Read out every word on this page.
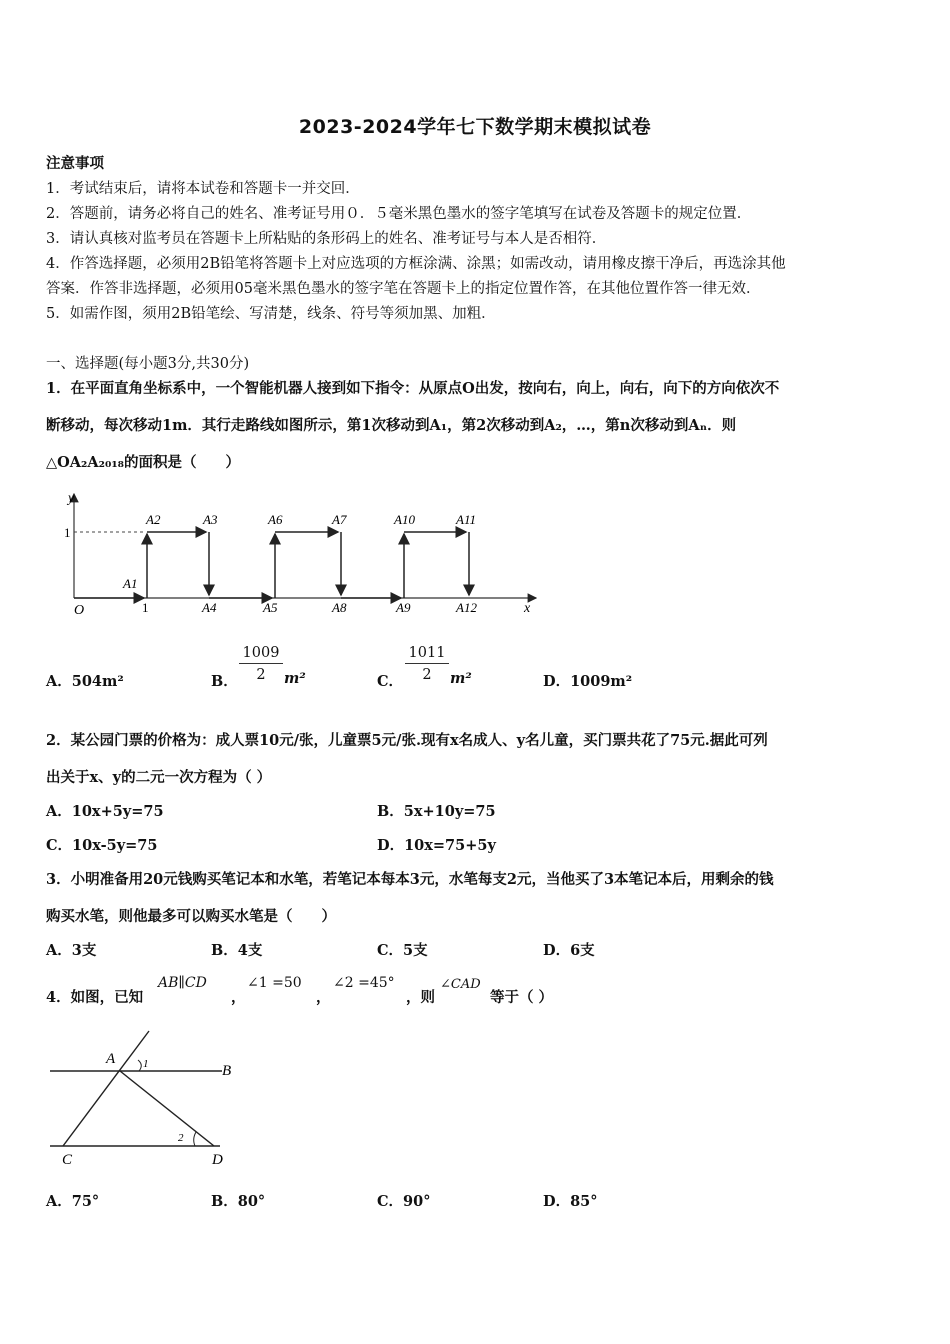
2023-2024学年七下数学期末模拟试卷
注意事项
1．考试结束后，请将本试卷和答题卡一并交回．
2．答题前，请务必将自己的姓名、准考证号用０．５毫米黑色墨水的签字笔填写在试卷及答题卡的规定位置．
3．请认真核对监考员在答题卡上所粘贴的条形码上的姓名、准考证号与本人是否相符．
4．作答选择题，必须用2B铅笔将答题卡上对应选项的方框涂满、涂黑；如需改动，请用橡皮擦干净后，再选涂其他
答案．作答非选择题，必须用05毫米黑色墨水的签字笔在答题卡上的指定位置作答，在其他位置作答一律无效．
5．如需作图，须用2B铅笔绘、写清楚，线条、符号等须加黑、加粗．
一、选择题(每小题3分,共30分)
1．在平面直角坐标系中，一个智能机器人接到如下指令：从原点O出发，按向右，向上，向右，向下的方向依次不
断移动，每次移动1m．其行走路线如图所示，第1次移动到A₁，第2次移动到A₂，…，第n次移动到Aₙ．则
△OA₂A₂₀₁₈的面积是（　　）
y
x
O
1
1
A1
A2	A3
A4	A5
A6	A7
A8	A9
A10	A11
A12
A．504m²	B． $\frac{1009}{2} m^2$	C． $\frac{1011}{2} m^2$	D．1009m²
2．某公园门票的价格为：成人票10元/张，儿童票5元/张.现有x名成人、y名儿童，买门票共花了75元.据此可列
出关于x、y的二元一次方程为（ ）
A．10x+5y=75	B．5x+10y=75
C．10x-5y=75	D．10x=75+5y
3．小明准备用20元钱购买笔记本和水笔，若笔记本每本3元，水笔每支2元，当他买了3本笔记本后，用剩余的钱
购买水笔，则他最多可以购买水笔是（　　）
A．3支	B．4支	C．5支	D．6支
4．如图，已知
AB∥CD
，
∠1 =50
，
∠2 =45°
，则
∠CAD
等于（ ）
A
B
C	D
1
2
A．75°	B．80°	C．90°	D．85°
